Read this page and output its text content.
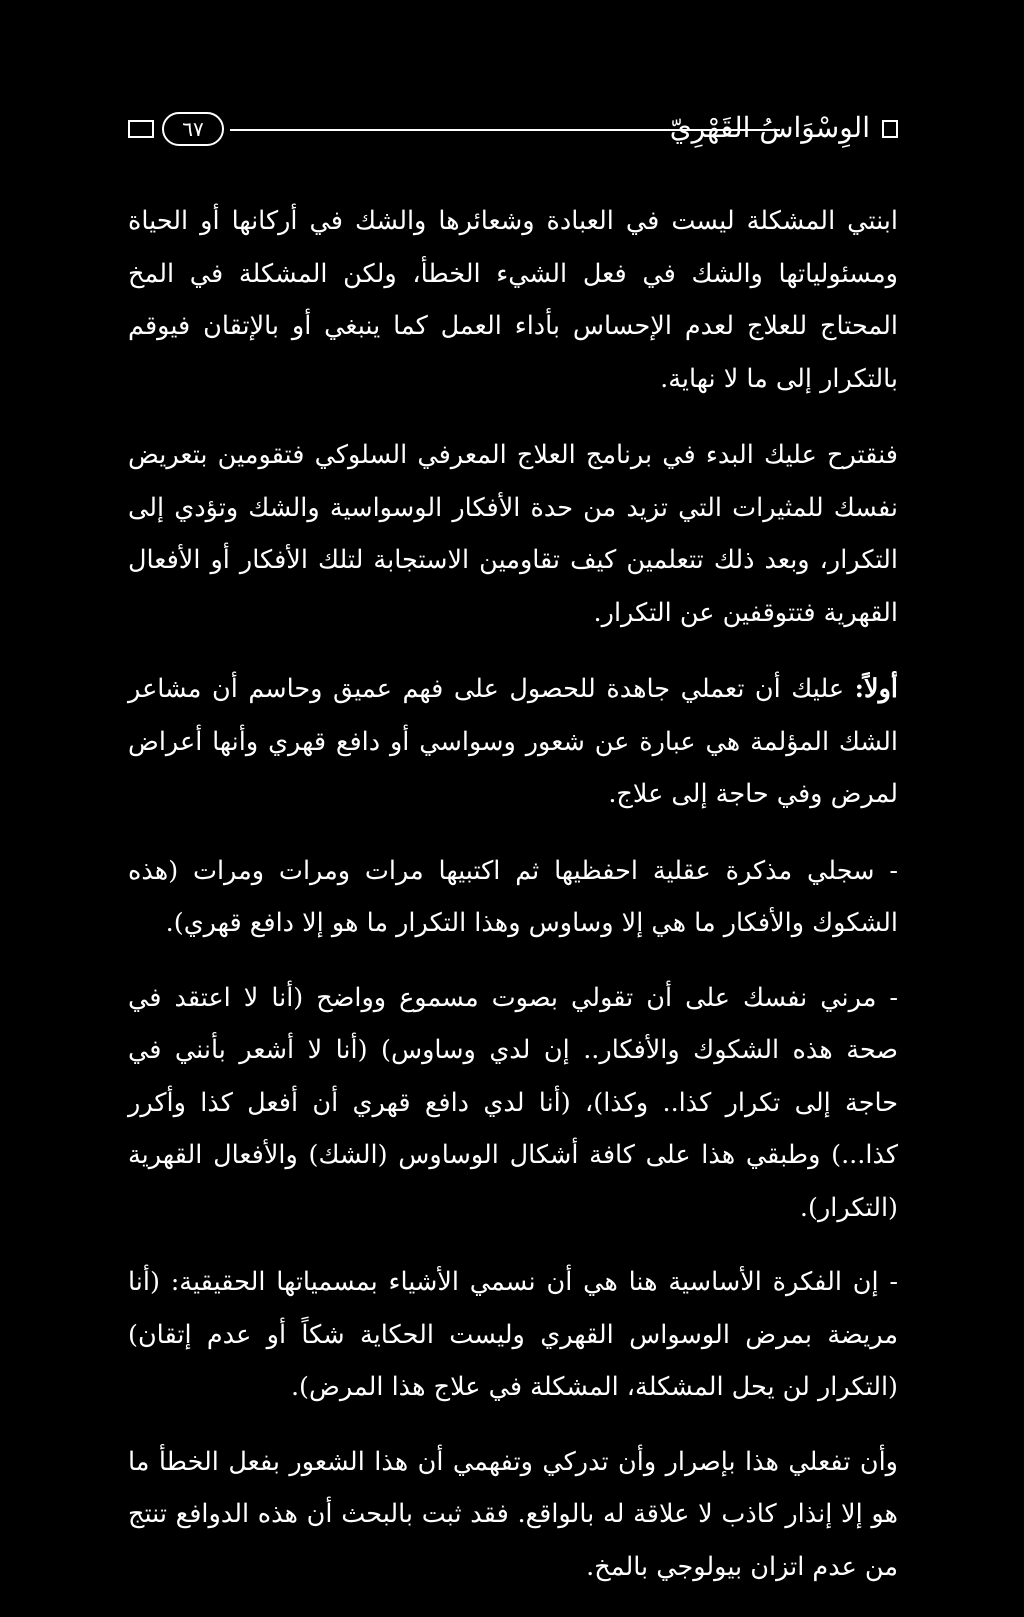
٦٧	الوِسْوَاسُ القَهْرِيّ

ابنتي المشكلة ليست في العبادة وشعائرها والشك في أركانها أو الحياة ومسئولياتها والشك في فعل الشيء الخطأ، ولكن المشكلة في المخ المحتاج للعلاج لعدم الإحساس بأداء العمل كما ينبغي أو بالإتقان فيوقم بالتكرار إلى ما لا نهاية.

فنقترح عليك البدء في برنامج العلاج المعرفي السلوكي فتقومين بتعريض نفسك للمثيرات التي تزيد من حدة الأفكار الوسواسية والشك وتؤدي إلى التكرار، وبعد ذلك تتعلمين كيف تقاومين الاستجابة لتلك الأفكار أو الأفعال القهرية فتتوقفين عن التكرار.

أولاً: عليك أن تعملي جاهدة للحصول على فهم عميق وحاسم أن مشاعر الشك المؤلمة هي عبارة عن شعور وسواسي أو دافع قهري وأنها أعراض لمرض وفي حاجة إلى علاج.

- سجلي مذكرة عقلية احفظيها ثم اكتبيها مرات ومرات ومرات (هذه الشكوك والأفكار ما هي إلا وساوس وهذا التكرار ما هو إلا دافع قهري).

- مرني نفسك على أن تقولي بصوت مسموع وواضح (أنا لا اعتقد في صحة هذه الشكوك والأفكار.. إن لدي وساوس) (أنا لا أشعر بأنني في حاجة إلى تكرار كذا.. وكذا)، (أنا لدي دافع قهري أن أفعل كذا وأكرر كذا...) وطبقي هذا على كافة أشكال الوساوس (الشك) والأفعال القهرية (التكرار).

- إن الفكرة الأساسية هنا هي أن نسمي الأشياء بمسمياتها الحقيقية: (أنا مريضة بمرض الوسواس القهري وليست الحكاية شكاً أو عدم إتقان) (التكرار لن يحل المشكلة، المشكلة في علاج هذا المرض).

وأن تفعلي هذا بإصرار وأن تدركي وتفهمي أن هذا الشعور بفعل الخطأ ما هو إلا إنذار كاذب لا علاقة له بالواقع. فقد ثبت بالبحث أن هذه الدوافع تنتج من عدم اتزان بيولوجي بالمخ.
